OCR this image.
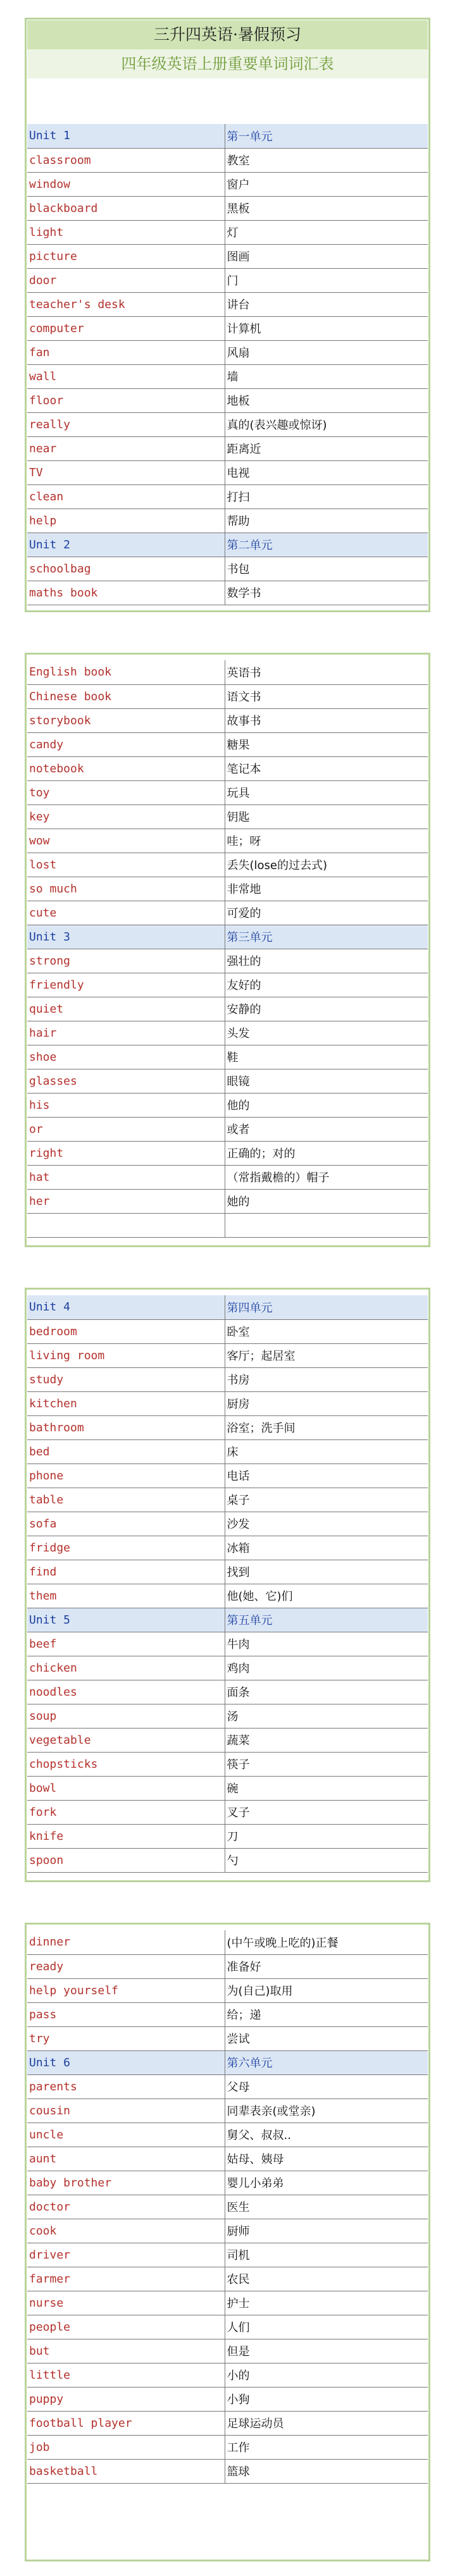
三升四英语·暑假预习
四年级英语上册重要单词词汇表
Unit 1	第一单元
classroom	教室
window	窗户
blackboard	黑板
light	灯
picture	图画
door	门
teacher's desk	讲台
computer	计算机
fan	风扇
wall	墙
floor	地板
really	真的(表兴趣或惊讶)
near	距离近
TV	电视
clean	打扫
help	帮助
Unit 2	第二单元
schoolbag	书包
maths book	数学书
English book	英语书
Chinese book	语文书
storybook	故事书
candy	糖果
notebook	笔记本
toy	玩具
key	钥匙
wow	哇；呀
lost	丢失(lose的过去式)
so much	非常地
cute	可爱的
Unit 3	第三单元
strong	强壮的
friendly	友好的
quiet	安静的
hair	头发
shoe	鞋
glasses	眼镜
his	他的
or	或者
right	正确的；对的
hat	（常指戴檐的）帽子
her	她的

Unit 4	第四单元
bedroom	卧室
living room	客厅；起居室
study	书房
kitchen	厨房
bathroom	浴室；洗手间
bed	床
phone	电话
table	桌子
sofa	沙发
fridge	冰箱
find	找到
them	他(她、它)们
Unit 5	第五单元
beef	牛肉
chicken	鸡肉
noodles	面条
soup	汤
vegetable	蔬菜
chopsticks	筷子
bowl	碗
fork	叉子
knife	刀
spoon	勺
dinner	(中午或晚上吃的)正餐
ready	准备好
help yourself	为(自己)取用
pass	给；递
try	尝试
Unit 6	第六单元
parents	父母
cousin	同辈表亲(或堂亲)
uncle	舅父、叔叔..
aunt	姑母、姨母
baby brother	婴儿小弟弟
doctor	医生
cook	厨师
driver	司机
farmer	农民
nurse	护士
people	人们
but	但是
little	小的
puppy	小狗
football player	足球运动员
job	工作
basketball	篮球
